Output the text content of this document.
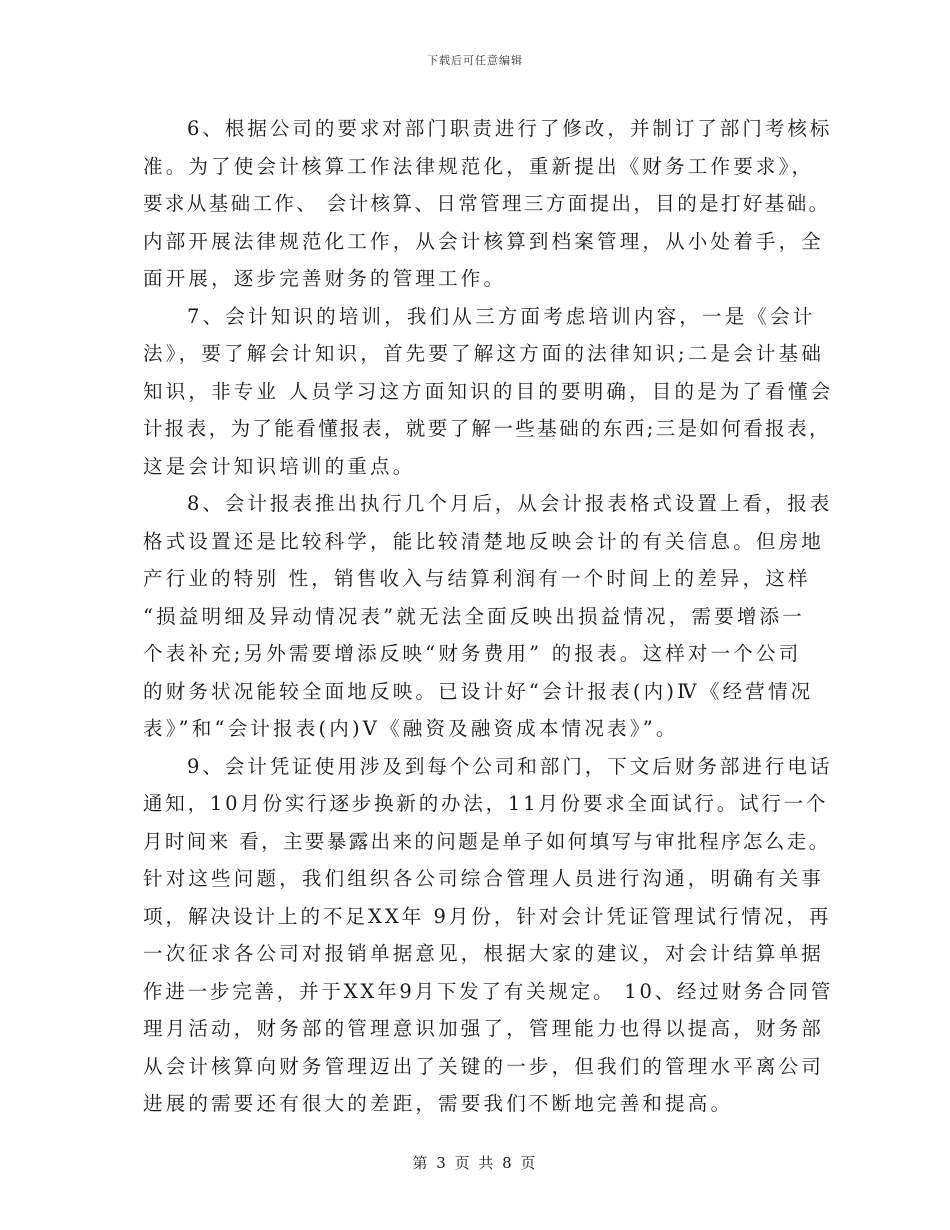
下载后可任意编辑
6、根据公司的要求对部门职责进行了修改，并制订了部门考核标
准。为了使会计核算工作法律规范化，重新提出《财务工作要求》，
要求从基础工作、 会计核算、日常管理三方面提出，目的是打好基础。
内部开展法律规范化工作，从会计核算到档案管理，从小处着手，全
面开展，逐步完善财务的管理工作。
7、会计知识的培训，我们从三方面考虑培训内容，一是《会计
法》，要了解会计知识，首先要了解这方面的法律知识;二是会计基础
知识，非专业 人员学习这方面知识的目的要明确，目的是为了看懂会
计报表，为了能看懂报表，就要了解一些基础的东西;三是如何看报表，
这是会计知识培训的重点。
8、会计报表推出执行几个月后，从会计报表格式设置上看，报表
格式设置还是比较科学，能比较清楚地反映会计的有关信息。但房地
产行业的特别 性，销售收入与结算利润有一个时间上的差异，这样
“损益明细及异动情况表”就无法全面反映出损益情况，需要增添一
个表补充;另外需要增添反映“财务费用” 的报表。这样对一个公司
的财务状况能较全面地反映。已设计好“会计报表(内)Ⅳ《经营情况
表》”和“会计报表(内)Ⅴ《融资及融资成本情况表》”。
9、会计凭证使用涉及到每个公司和部门，下文后财务部进行电话
通知，10月份实行逐步换新的办法，11月份要求全面试行。试行一个
月时间来 看，主要暴露出来的问题是单子如何填写与审批程序怎么走。
针对这些问题，我们组织各公司综合管理人员进行沟通，明确有关事
项，解决设计上的不足XX年 9月份，针对会计凭证管理试行情况，再
一次征求各公司对报销单据意见，根据大家的建议，对会计结算单据
作进一步完善，并于XX年9月下发了有关规定。 10、经过财务合同管
理月活动，财务部的管理意识加强了，管理能力也得以提高，财务部
从会计核算向财务管理迈出了关键的一步，但我们的管理水平离公司
进展的需要还有很大的差距，需要我们不断地完善和提高。
第 3 页 共 8 页
